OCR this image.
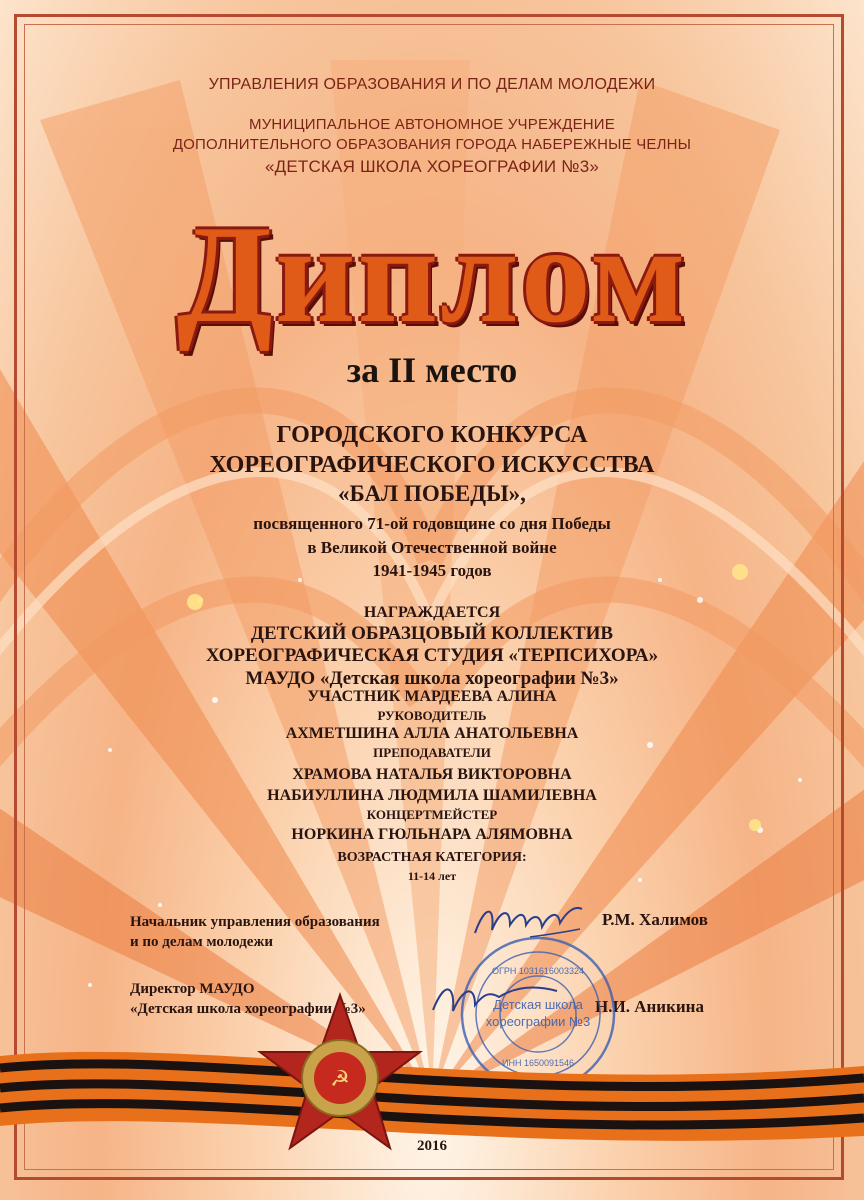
УПРАВЛЕНИЯ ОБРАЗОВАНИЯ И ПО ДЕЛАМ МОЛОДЕЖИ
МУНИЦИПАЛЬНОЕ АВТОНОМНОЕ УЧРЕЖДЕНИЕ
ДОПОЛНИТЕЛЬНОГО ОБРАЗОВАНИЯ ГОРОДА НАБЕРЕЖНЫЕ ЧЕЛНЫ
«ДЕТСКАЯ ШКОЛА ХОРЕОГРАФИИ №3»
Диплом
за II место
ГОРОДСКОГО КОНКУРСА
ХОРЕОГРАФИЧЕСКОГО ИСКУССТВА
«БАЛ ПОБЕДЫ»,
посвященного 71-ой годовщине со дня Победы
в Великой Отечественной войне
1941-1945 годов
НАГРАЖДАЕТСЯ
ДЕТСКИЙ ОБРАЗЦОВЫЙ КОЛЛЕКТИВ
ХОРЕОГРАФИЧЕСКАЯ СТУДИЯ «ТЕРПСИХОРА»
МАУДО «Детская школа хореографии №3»
УЧАСТНИК МАРДЕЕВА АЛИНА
РУКОВОДИТЕЛЬ
АХМЕТШИНА АЛЛА АНАТОЛЬЕВНА
ПРЕПОДАВАТЕЛИ
ХРАМОВА НАТАЛЬЯ ВИКТОРОВНА
НАБИУЛЛИНА ЛЮДМИЛА ШАМИЛЕВНА
КОНЦЕРТМЕЙСТЕР
НОРКИНА ГЮЛЬНАРА АЛЯМОВНА
ВОЗРАСТНАЯ КАТЕГОРИЯ:
11-14 лет
Начальник управления образования
и по делам молодежи
Р.М. Халимов
Директор МАУДО
«Детская школа хореографии №3»	Н.И. Аникина
Детская школа
хореографии №3
ОГРН 1031616003324
ИНН 1650091546
☭
2016
